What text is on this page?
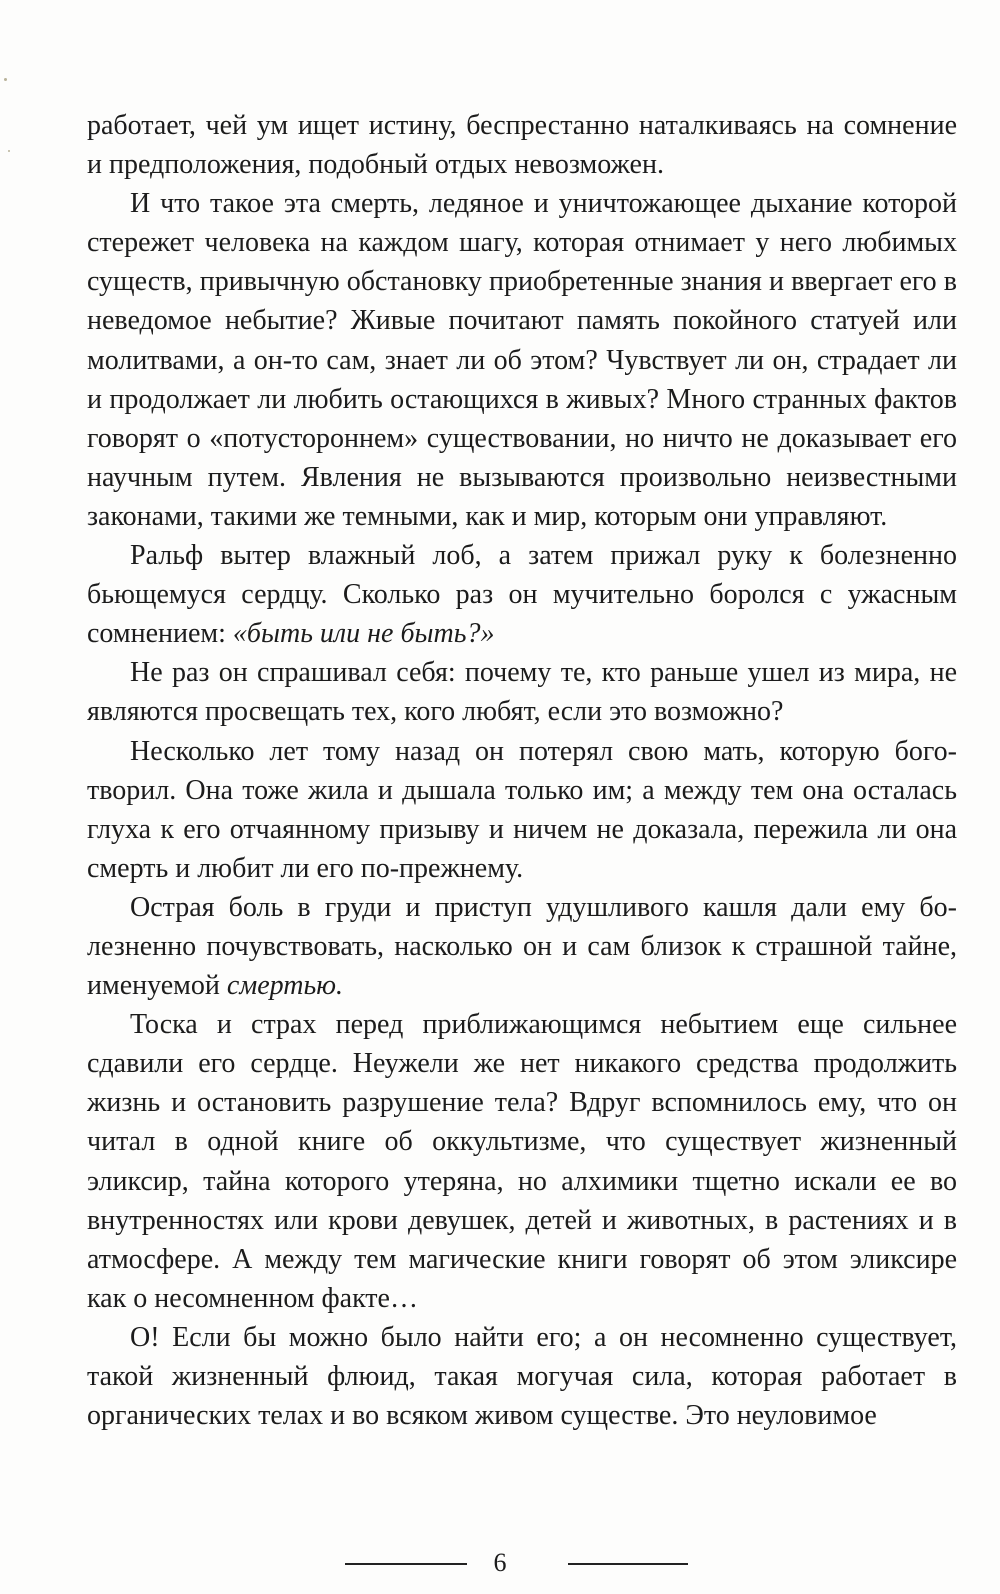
работает, чей ум ищет истину, беспрестанно наталкиваясь на сомнение и предположения, подобный отдых невозможен.

И что такое эта смерть, ледяное и уничтожающее дыхание которой стережет человека на каждом шагу, которая отнимает у него любимых существ, привычную обстановку приобретенные знания и ввергает его в неведомое небытие? Живые почитают память покойного статуей или молитвами, а он-то сам, знает ли об этом? Чувствует ли он, страдает ли и продолжает ли любить остающихся в живых? Много странных фактов говорят о «потустороннем» существовании, но ничто не доказывает его научным путем. Явления не вызываются произвольно неизвестными законами, такими же темными, как и мир, которым они управляют.

Ральф вытер влажный лоб, а затем прижал руку к болезненно бьющемуся сердцу. Сколько раз он мучительно боролся с ужасным сомнением: «быть или не быть?»

Не раз он спрашивал себя: почему те, кто раньше ушел из мира, не являются просвещать тех, кого любят, если это возможно?

Несколько лет тому назад он потерял свою мать, которую боготворил. Она тоже жила и дышала только им; а между тем она осталась глуха к его отчаянному призыву и ничем не доказала, пережила ли она смерть и любит ли его по-прежнему.

Острая боль в груди и приступ удушливого кашля дали ему болезненно почувствовать, насколько он и сам близок к страшной тайне, именуемой смертью.

Тоска и страх перед приближающимся небытием еще сильнее сдавили его сердце. Неужели же нет никакого средства продолжить жизнь и остановить разрушение тела? Вдруг вспомнилось ему, что он читал в одной книге об оккультизме, что существует жизненный эликсир, тайна которого утеряна, но алхимики тщетно искали ее во внутренностях или крови девушек, детей и животных, в растениях и в атмосфере. А между тем магические книги говорят об этом эликсире как о несомненном факте…

О! Если бы можно было найти его; а он несомненно существует, такой жизненный флюид, такая могучая сила, которая работает в органических телах и во всяком живом существе. Это неуловимое

6
